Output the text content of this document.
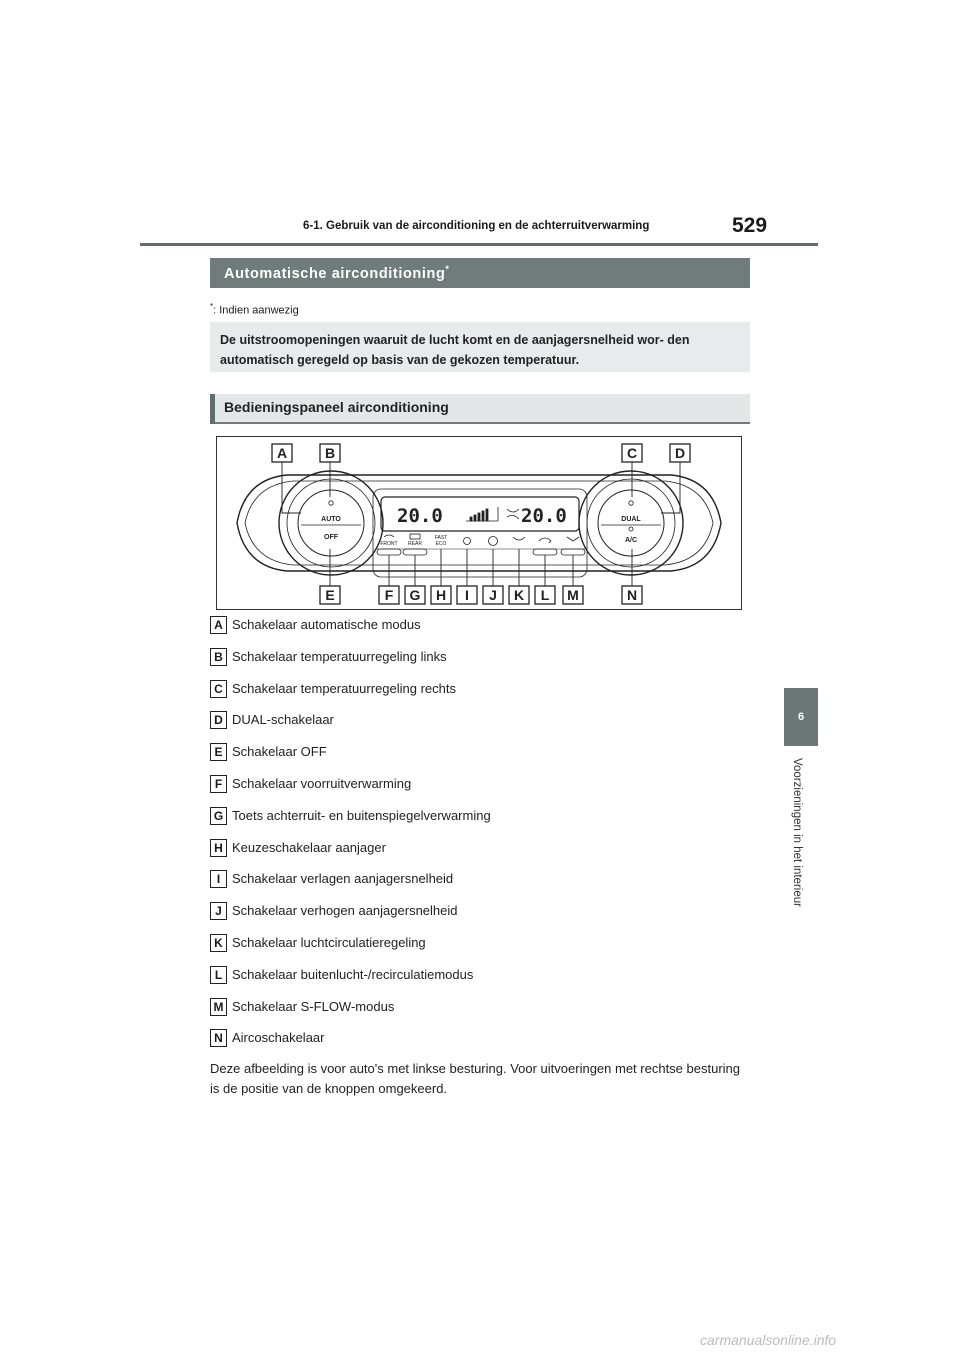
6-1. Gebruik van de airconditioning en de achterruitverwarming	529
6
Voorzieningen in het interieur
Automatische airconditioning*
*: Indien aanwezig

De uitstroomopeningen waaruit de lucht komt en de aanjagersnelheid wor- den automatisch geregeld op basis van de gekozen temperatuur.

Bedieningspaneel airconditioning
20.0	20.0
AUTO
OFF
DUAL
A/C
FRONT REAR
FAST
ECO
A	B	C	D
E	F G H I J K L M	N
A Schakelaar automatische modus
B Schakelaar temperatuurregeling links
C Schakelaar temperatuurregeling rechts
D DUAL-schakelaar
E Schakelaar OFF
F Schakelaar voorruitverwarming
G Toets achterruit- en buitenspiegelverwarming
H Keuzeschakelaar aanjager
I Schakelaar verlagen aanjagersnelheid
J Schakelaar verhogen aanjagersnelheid
K Schakelaar luchtcirculatieregeling
L Schakelaar buitenlucht-/recirculatiemodus
M Schakelaar S-FLOW-modus
N Aircoschakelaar

Deze afbeelding is voor auto's met linkse besturing. Voor uitvoeringen met rechtse besturing is de positie van de knoppen omgekeerd.

carmanualsonline.info
